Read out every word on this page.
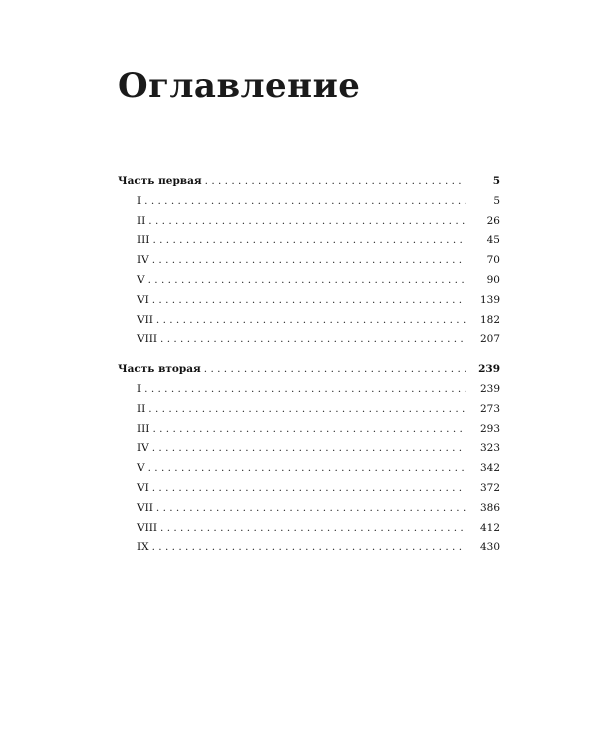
Оглавление
Часть первая . . .	5
I . . .	5
II . . .	26
III . . .	45
IV . . .	70
V . . .	90
VI . . .	139
VII . . .	182
VIII . . .	207
Часть вторая . . .	239
I . . .	239
II . . .	273
III . . .	293
IV . . .	323
V . . .	342
VI . . .	372
VII . . .	386
VIII . . .	412
IX . . .	430
